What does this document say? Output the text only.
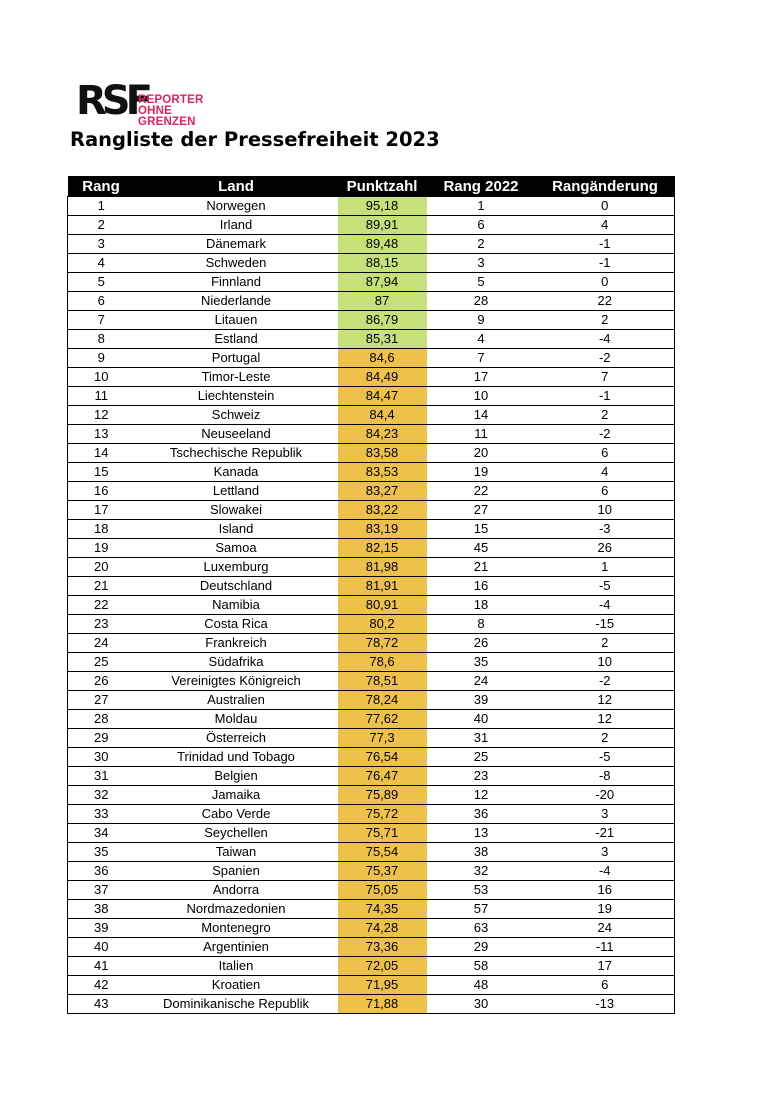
RSF
REPORTER
OHNE GRENZEN
Rangliste der Pressefreiheit 2023
Rang	Land	Punktzahl	Rang 2022	Rangänderung
1	Norwegen	95,18	1	0
2	Irland	89,91	6	4
3	Dänemark	89,48	2	-1
4	Schweden	88,15	3	-1
5	Finnland	87,94	5	0
6	Niederlande	87	28	22
7	Litauen	86,79	9	2
8	Estland	85,31	4	-4
9	Portugal	84,6	7	-2
10	Timor-Leste	84,49	17	7
11	Liechtenstein	84,47	10	-1
12	Schweiz	84,4	14	2
13	Neuseeland	84,23	11	-2
14	Tschechische Republik	83,58	20	6
15	Kanada	83,53	19	4
16	Lettland	83,27	22	6
17	Slowakei	83,22	27	10
18	Island	83,19	15	-3
19	Samoa	82,15	45	26
20	Luxemburg	81,98	21	1
21	Deutschland	81,91	16	-5
22	Namibia	80,91	18	-4
23	Costa Rica	80,2	8	-15
24	Frankreich	78,72	26	2
25	Südafrika	78,6	35	10
26	Vereinigtes Königreich	78,51	24	-2
27	Australien	78,24	39	12
28	Moldau	77,62	40	12
29	Österreich	77,3	31	2
30	Trinidad und Tobago	76,54	25	-5
31	Belgien	76,47	23	-8
32	Jamaika	75,89	12	-20
33	Cabo Verde	75,72	36	3
34	Seychellen	75,71	13	-21
35	Taiwan	75,54	38	3
36	Spanien	75,37	32	-4
37	Andorra	75,05	53	16
38	Nordmazedonien	74,35	57	19
39	Montenegro	74,28	63	24
40	Argentinien	73,36	29	-11
41	Italien	72,05	58	17
42	Kroatien	71,95	48	6
43	Dominikanische Republik	71,88	30	-13
